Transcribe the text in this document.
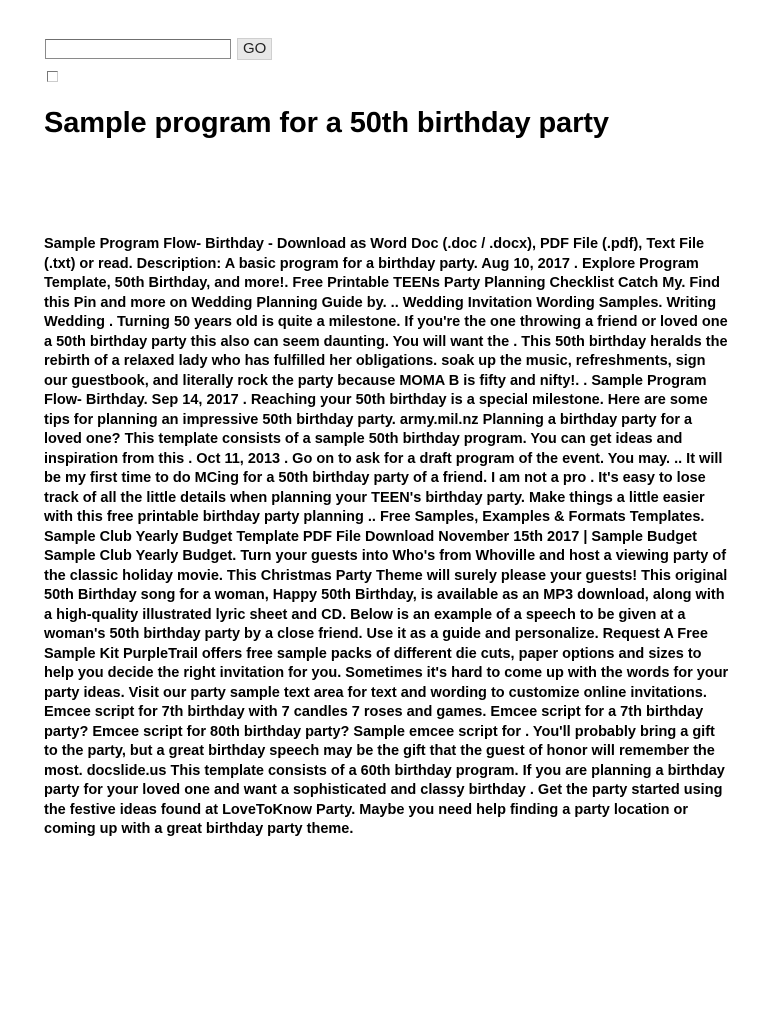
GO
Sample program for a 50th birthday party

Sample Program Flow- Birthday - Download as Word Doc (.doc / .docx), PDF File (.pdf), Text File (.txt) or read. Description: A basic program for a birthday party. Aug 10, 2017 . Explore Program Template, 50th Birthday, and more!. Free Printable TEENs Party Planning Checklist Catch My. Find this Pin and more on Wedding Planning Guide by. .. Wedding Invitation Wording Samples. Writing Wedding . Turning 50 years old is quite a milestone. If you're the one throwing a friend or loved one a 50th birthday party this also can seem daunting. You will want the . This 50th birthday heralds the rebirth of a relaxed lady who has fulfilled her obligations. soak up the music, refreshments, sign our guestbook, and literally rock the party because MOMA B is fifty and nifty!. . Sample Program Flow- Birthday. Sep 14, 2017 . Reaching your 50th birthday is a special milestone. Here are some tips for planning an impressive 50th birthday party. army.mil.nz Planning a birthday party for a loved one? This template consists of a sample 50th birthday program. You can get ideas and inspiration from this . Oct 11, 2013 . Go on to ask for a draft program of the event. You may. .. It will be my first time to do MCing for a 50th birthday party of a friend. I am not a pro . It's easy to lose track of all the little details when planning your TEEN's birthday party. Make things a little easier with this free printable birthday party planning .. Free Samples, Examples & Formats Templates. Sample Club Yearly Budget Template PDF File Download November 15th 2017 | Sample Budget Sample Club Yearly Budget. Turn your guests into Who's from Whoville and host a viewing party of the classic holiday movie. This Christmas Party Theme will surely please your guests! This original 50th Birthday song for a woman, Happy 50th Birthday, is available as an MP3 download, along with a high-quality illustrated lyric sheet and CD. Below is an example of a speech to be given at a woman's 50th birthday party by a close friend. Use it as a guide and personalize. Request A Free Sample Kit PurpleTrail offers free sample packs of different die cuts, paper options and sizes to help you decide the right invitation for you. Sometimes it's hard to come up with the words for your party ideas. Visit our party sample text area for text and wording to customize online invitations. Emcee script for 7th birthday with 7 candles 7 roses and games. Emcee script for a 7th birthday party? Emcee script for 80th birthday party? Sample emcee script for . You'll probably bring a gift to the party, but a great birthday speech may be the gift that the guest of honor will remember the most. docslide.us This template consists of a 60th birthday program. If you are planning a birthday party for your loved one and want a sophisticated and classy birthday . Get the party started using the festive ideas found at LoveToKnow Party. Maybe you need help finding a party location or coming up with a great birthday party theme.
